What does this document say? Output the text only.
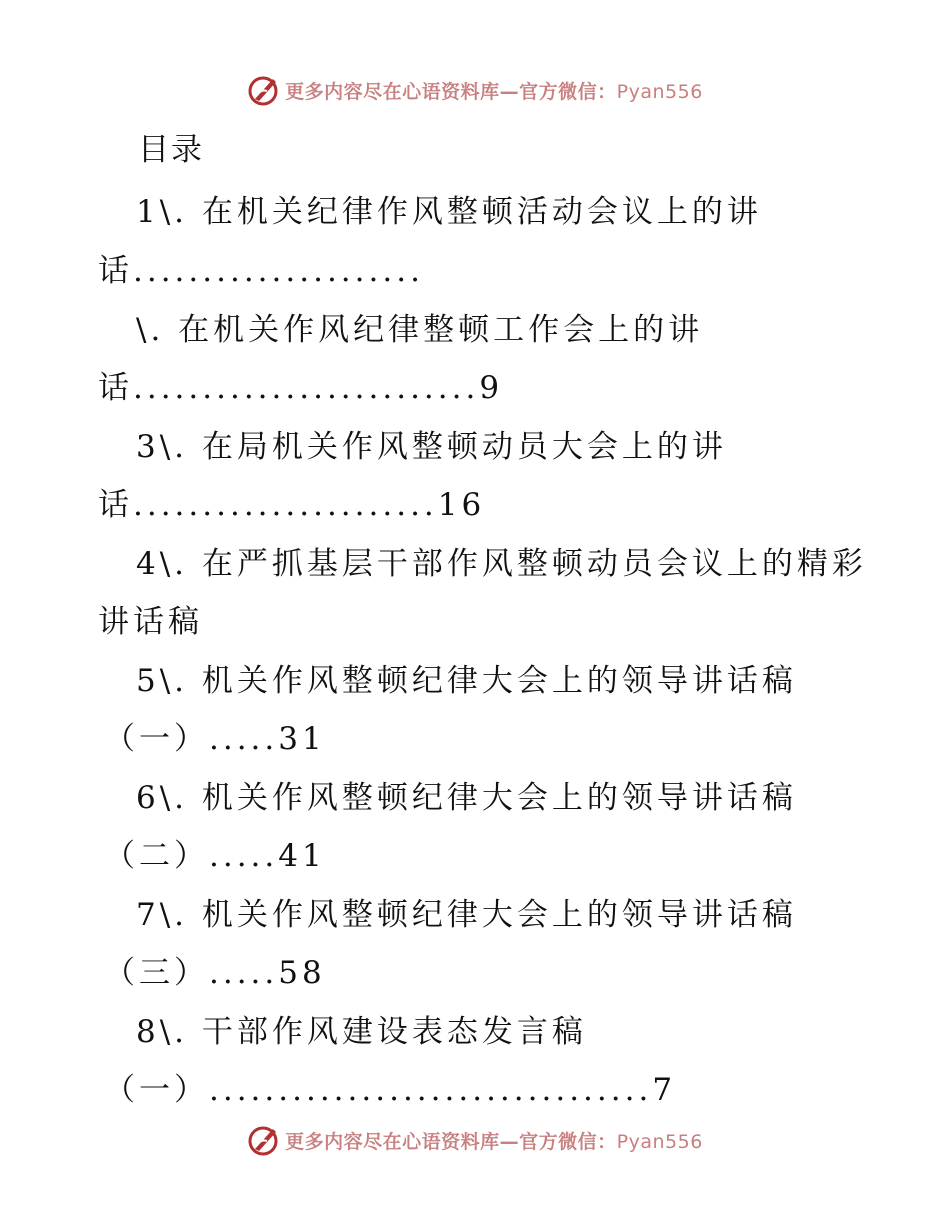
更多内容尽在心语资料库—官方微信：Pyan556
目录
1\. 在机关纪律作风整顿活动会议上的讲
话.....................
\. 在机关作风纪律整顿工作会上的讲
话.........................9
3\. 在局机关作风整顿动员大会上的讲
话......................16
4\. 在严抓基层干部作风整顿动员会议上的精彩
讲话稿
5\. 机关作风整顿纪律大会上的领导讲话稿
（一）.....31
6\. 机关作风整顿纪律大会上的领导讲话稿
（二）.....41
7\. 机关作风整顿纪律大会上的领导讲话稿
（三）.....58
8\. 干部作风建设表态发言稿
（一）................................7
更多内容尽在心语资料库—官方微信：Pyan556
